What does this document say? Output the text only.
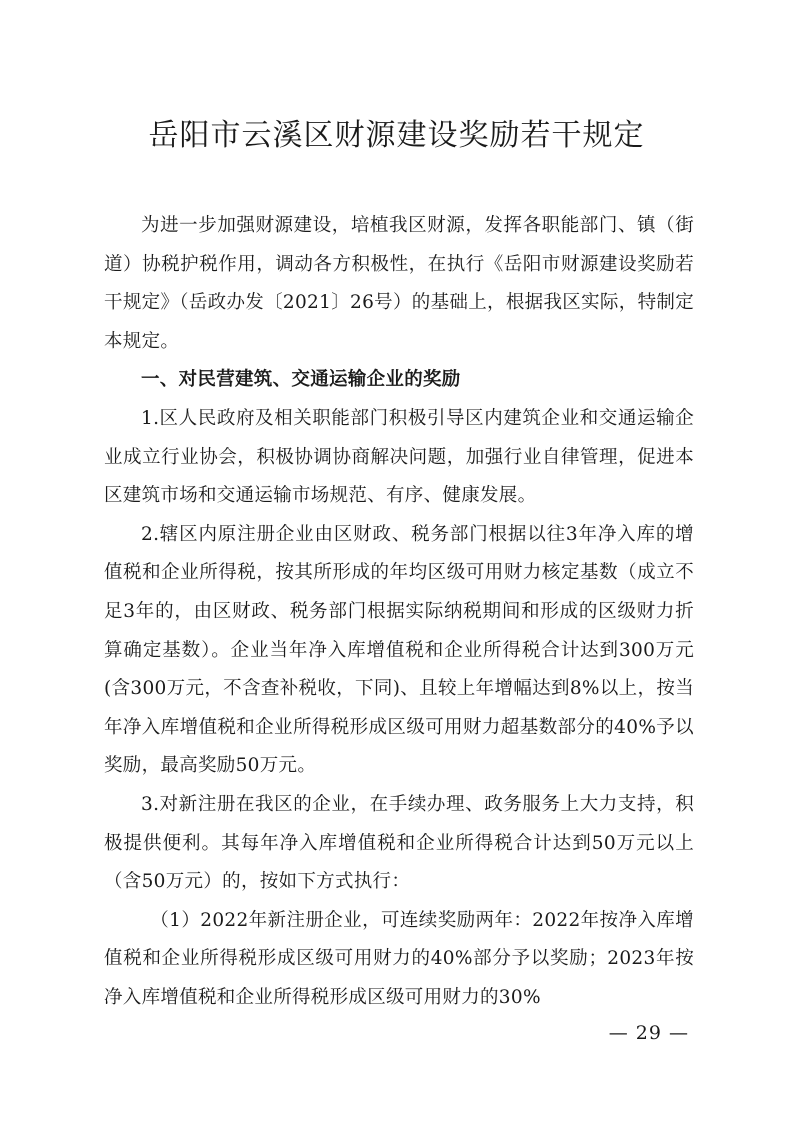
岳阳市云溪区财源建设奖励若干规定

为进一步加强财源建设，培植我区财源，发挥各职能部门、镇（街道）协税护税作用，调动各方积极性，在执行《岳阳市财源建设奖励若干规定》（岳政办发〔2021〕26号）的基础上，根据我区实际，特制定本规定。

一、对民营建筑、交通运输企业的奖励

1.区人民政府及相关职能部门积极引导区内建筑企业和交通运输企业成立行业协会，积极协调协商解决问题，加强行业自律管理，促进本区建筑市场和交通运输市场规范、有序、健康发展。

2.辖区内原注册企业由区财政、税务部门根据以往3年净入库的增值税和企业所得税，按其所形成的年均区级可用财力核定基数（成立不足3年的，由区财政、税务部门根据实际纳税期间和形成的区级财力折算确定基数）。企业当年净入库增值税和企业所得税合计达到300万元(含300万元，不含查补税收，下同)、且较上年增幅达到8%以上，按当年净入库增值税和企业所得税形成区级可用财力超基数部分的40%予以奖励，最高奖励50万元。

3.对新注册在我区的企业，在手续办理、政务服务上大力支持，积极提供便利。其每年净入库增值税和企业所得税合计达到50万元以上（含50万元）的，按如下方式执行：

（1）2022年新注册企业，可连续奖励两年：2022年按净入库增值税和企业所得税形成区级可用财力的40%部分予以奖励；2023年按净入库增值税和企业所得税形成区级可用财力的30%

— 29 —
